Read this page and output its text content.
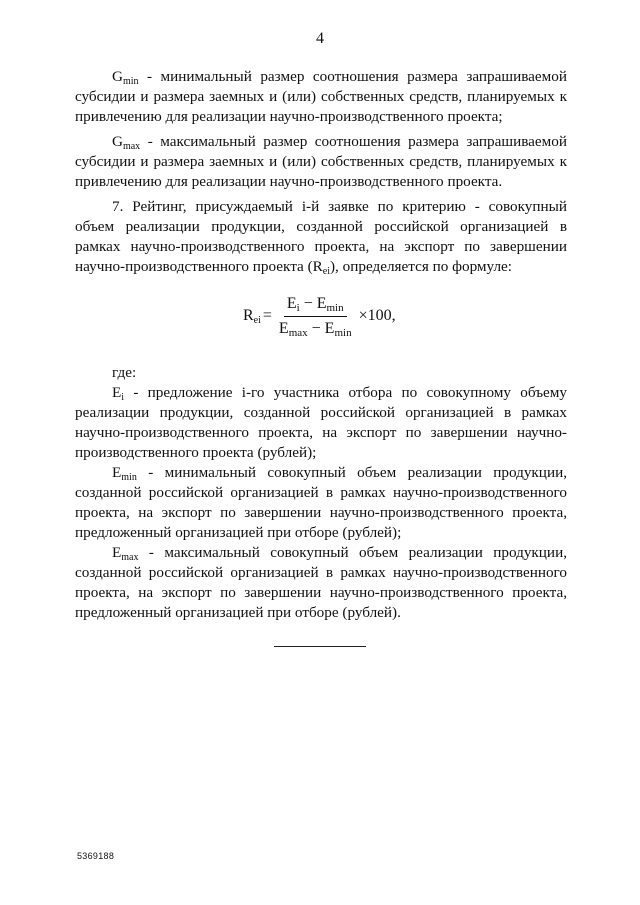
4

$G_{min}$ - минимальный размер соотношения размера запрашиваемой субсидии и размера заемных и (или) собственных средств, планируемых к привлечению для реализации научно-производственного проекта;

$G_{max}$ - максимальный размер соотношения размера запрашиваемой субсидии и размера заемных и (или) собственных средств, планируемых к привлечению для реализации научно-производственного проекта.

7. Рейтинг, присуждаемый i-й заявке по критерию - совокупный объем реализации продукции, созданной российской организацией в рамках научно-производственного проекта, на экспорт по завершении научно-производственного проекта $(R_{ei})$, определяется по формуле:

$R_{ei} = \frac{E_i - E_{min}}{E_{max} - E_{min}} \times 100$,

где:

$E_i$ - предложение i-го участника отбора по совокупному объему реализации продукции, созданной российской организацией в рамках научно-производственного проекта, на экспорт по завершении научно-производственного проекта (рублей);

$E_{min}$ - минимальный совокупный объем реализации продукции, созданной российской организацией в рамках научно-производственного проекта, на экспорт по завершении научно-производственного проекта, предложенный организацией при отборе (рублей);

$E_{max}$ - максимальный совокупный объем реализации продукции, созданной российской организацией в рамках научно-производственного проекта, на экспорт по завершении научно-производственного проекта, предложенный организацией при отборе (рублей).

5369188
